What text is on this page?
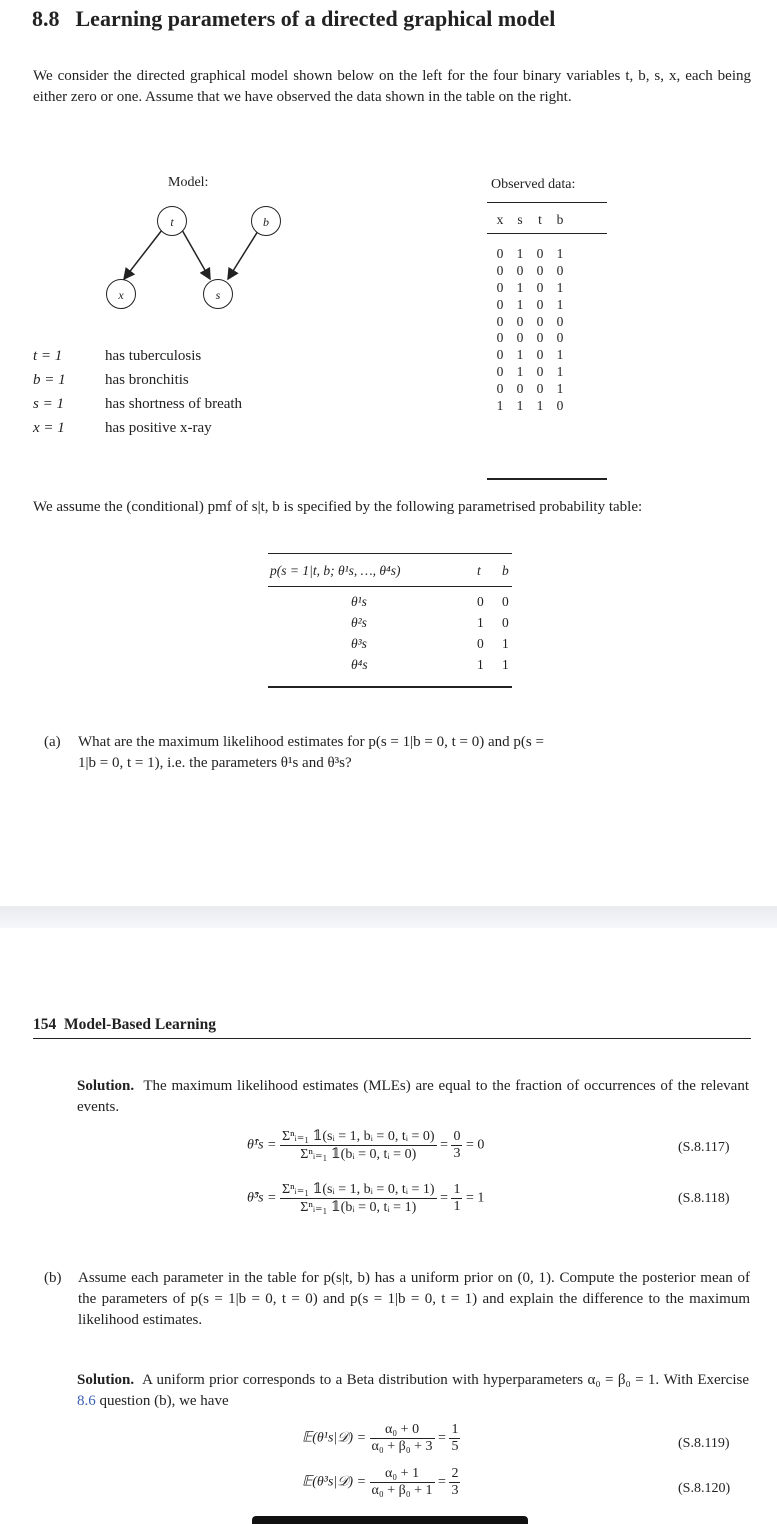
8.8 Learning parameters of a directed graphical model
We consider the directed graphical model shown below on the left for the four binary variables t, b, s, x, each being either zero or one. Assume that we have observed the data shown in the table on the right.
Model:
t	b
x	s
t = 1	has tuberculosis
b = 1	has bronchitis
s = 1	has shortness of breath
x = 1	has positive x-ray
Observed data:
x	s	t	b
0	1	0	1
0	0	0	0
0	1	0	1
0	1	0	1
0	0	0	0
0	0	0	0
0	1	0	1
0	1	0	1
0	0	0	1
1	1	1	0
We assume the (conditional) pmf of s|t, b is specified by the following parametrised probability table:
p(s = 1|t, b; θ¹s, …, θ⁴s)	t b
θ¹s	0 0
θ²s	1 0
θ³s	0 1
θ⁴s	1 1
(a)	What are the maximum likelihood estimates for p(s = 1|b = 0, t = 0) and p(s =
1|b = 0, t = 1), i.e. the parameters θ¹s and θ³s?
154 Model-Based Learning
Solution. The maximum likelihood estimates (MLEs) are equal to the fraction of occurrences of the relevant events.
θ̂¹s = $\frac{\text{Σⁿᵢ₌₁ 𝟙(sᵢ = 1, bᵢ = 0, tᵢ = 0)}}{\text{Σⁿᵢ₌₁ 𝟙(bᵢ = 0, tᵢ = 0)}} = \frac{0}{3} = 0$	(S.8.117)
θ̂³s = $\frac{\text{Σⁿᵢ₌₁ 𝟙(sᵢ = 1, bᵢ = 0, tᵢ = 1)}}{\text{Σⁿᵢ₌₁ 𝟙(bᵢ = 0, tᵢ = 1)}} = \frac{1}{1} = 1$	(S.8.118)
(b)	Assume each parameter in the table for p(s|t, b) has a uniform prior on (0, 1). Compute the posterior mean of the parameters of p(s = 1|b = 0, t = 0) and p(s = 1|b = 0, t = 1) and explain the difference to the maximum likelihood estimates.
Solution. A uniform prior corresponds to a Beta distribution with hyperparameters α₀ = β₀ = 1. With Exercise 8.6 question (b), we have
𝔼(θ¹s|𝒟) = $\frac{\text{α₀ + 0}}{\text{α₀ + β₀ + 3}} = \frac{1}{5}$	(S.8.119)
𝔼(θ³s|𝒟) = $\frac{\text{α₀ + 1}}{\text{α₀ + β₀ + 1}} = \frac{2}{3}$	(S.8.120)
